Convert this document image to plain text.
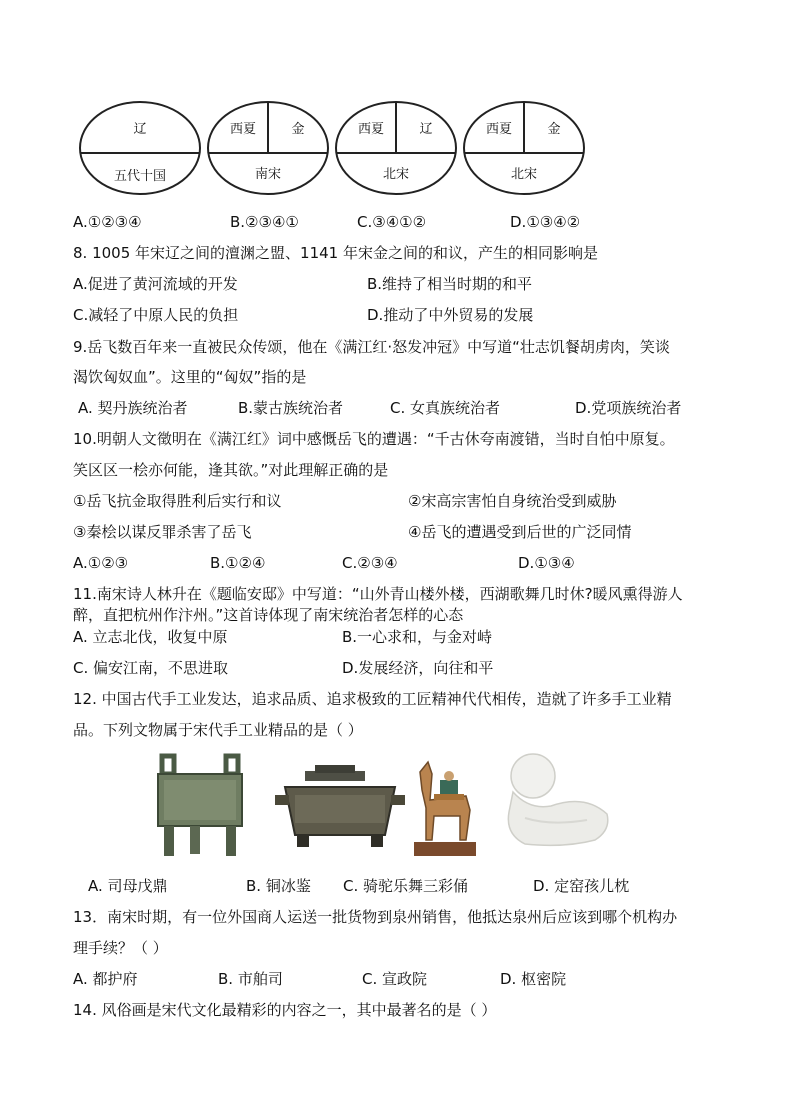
辽
五代十国
西夏	金
南宋
西夏	辽
北宋
西夏	金
北宋
A.①②③④	B.②③④①	C.③④①②	D.①③④②
8. 1005 年宋辽之间的澶渊之盟、1141 年宋金之间的和议，产生的相同影响是
A.促进了黄河流域的开发	B.维持了相当时期的和平
C.减轻了中原人民的负担	D.推动了中外贸易的发展
9.岳飞数百年来一直被民众传颂，他在《满江红·怒发冲冠》中写道“壮志饥餐胡虏肉，笑谈
渴饮匈奴血”。这里的“匈奴”指的是
A. 契丹族统治者	B.蒙古族统治者	C. 女真族统治者	D.党项族统治者
10.明朝人文徵明在《满江红》词中感慨岳飞的遭遇：“千古休夸南渡错，当时自怕中原复。
笑区区一桧亦何能，逢其欲。”对此理解正确的是
①岳飞抗金取得胜利后实行和议	②宋高宗害怕自身统治受到威胁
③秦桧以谋反罪杀害了岳飞	④岳飞的遭遇受到后世的广泛同情
A.①②③	B.①②④	C.②③④	D.①③④
11.南宋诗人林升在《题临安邸》中写道：“山外青山楼外楼，西湖歌舞几时休?暖风熏得游人
醉，直把杭州作汴州。”这首诗体现了南宋统治者怎样的心态
A. 立志北伐，收复中原	B.一心求和，与金对峙
C. 偏安江南，不思进取	D.发展经济，向往和平
12. 中国古代手工业发达，追求品质、追求极致的工匠精神代代相传，造就了许多手工业精
品。下列文物属于宋代手工业精品的是（ ）
A. 司母戊鼎	B. 铜冰鉴 C. 骑驼乐舞三彩俑	D. 定窑孩儿枕
13．南宋时期，有一位外国商人运送一批货物到泉州销售，他抵达泉州后应该到哪个机构办
理手续？（ ）
A. 都护府	B. 市舶司	C. 宣政院	D. 枢密院
14. 风俗画是宋代文化最精彩的内容之一，其中最著名的是（ ）
